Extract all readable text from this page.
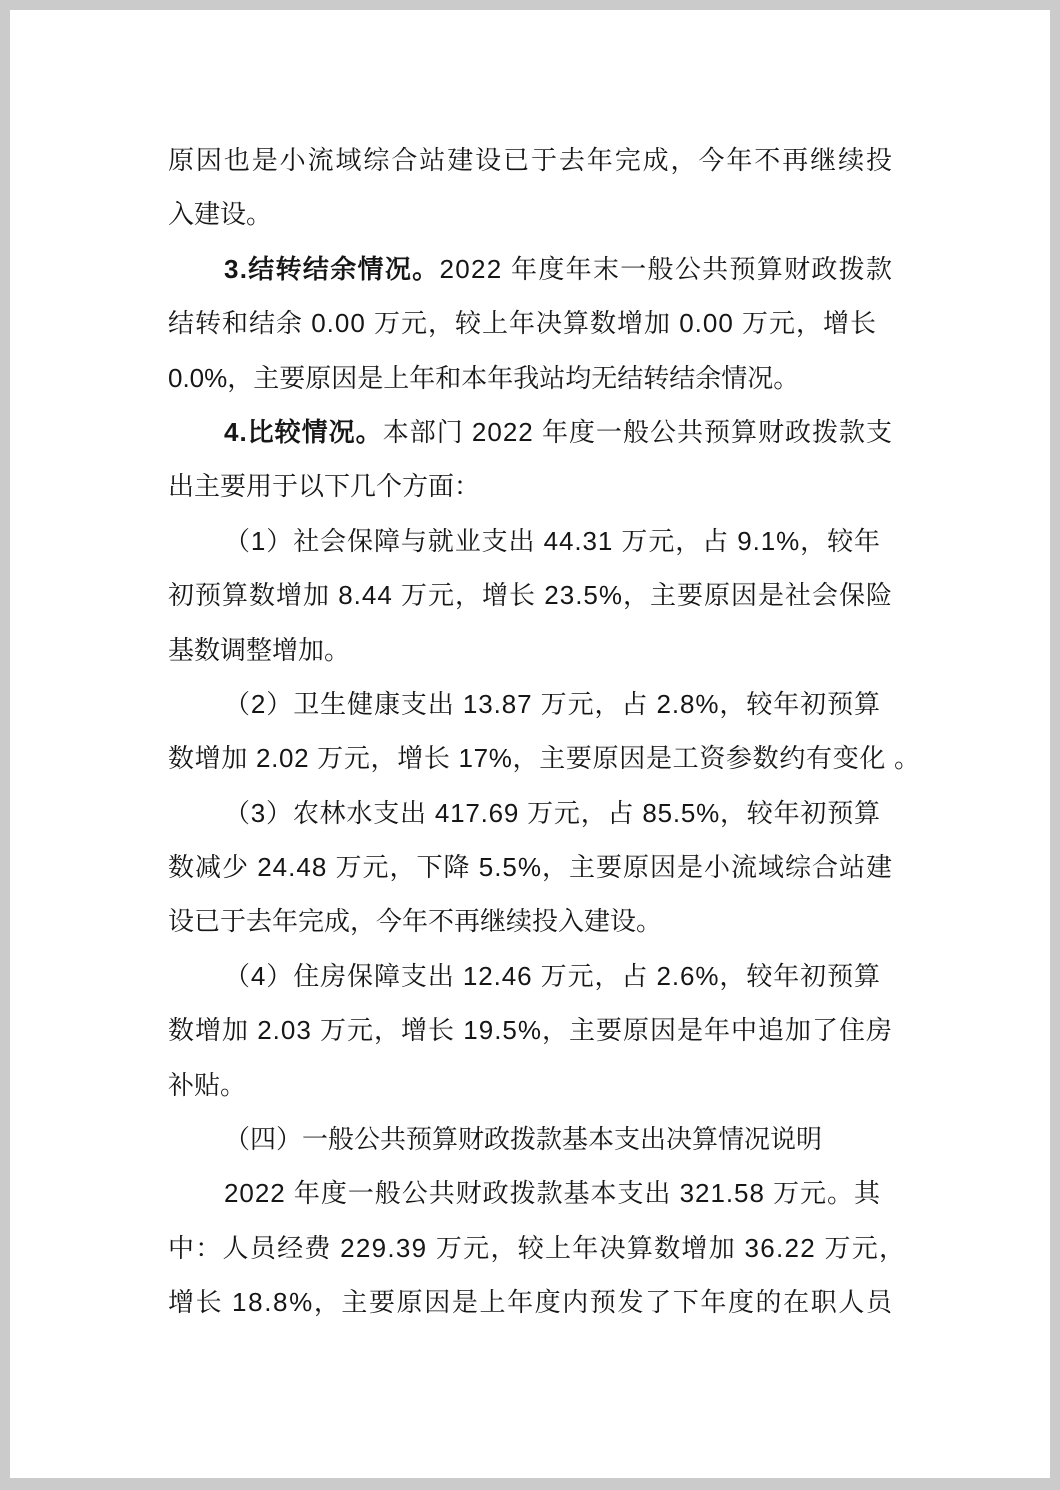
原因也是小流域综合站建设已于去年完成，今年不再继续投
入建设。
3.结转结余情况。2022 年度年末一般公共预算财政拨款
结转和结余 0.00 万元，较上年决算数增加 0.00 万元，增长
0.0%，主要原因是上年和本年我站均无结转结余情况。
4.比较情况。本部门 2022 年度一般公共预算财政拨款支
出主要用于以下几个方面：
（1）社会保障与就业支出 44.31 万元，占 9.1%，较年
初预算数增加 8.44 万元，增长 23.5%，主要原因是社会保险
基数调整增加。
（2）卫生健康支出 13.87 万元，占 2.8%，较年初预算
数增加 2.02 万元，增长 17%，主要原因是工资参数约有变化 。
（3）农林水支出 417.69 万元，占 85.5%，较年初预算
数减少 24.48 万元，下降 5.5%，主要原因是小流域综合站建
设已于去年完成，今年不再继续投入建设。
（4）住房保障支出 12.46 万元，占 2.6%，较年初预算
数增加 2.03 万元，增长 19.5%，主要原因是年中追加了住房
补贴。
（四）一般公共预算财政拨款基本支出决算情况说明
2022 年度一般公共财政拨款基本支出 321.58 万元。其
中：人员经费 229.39 万元，较上年决算数增加 36.22 万元，
增长 18.8%，主要原因是上年度内预发了下年度的在职人员
